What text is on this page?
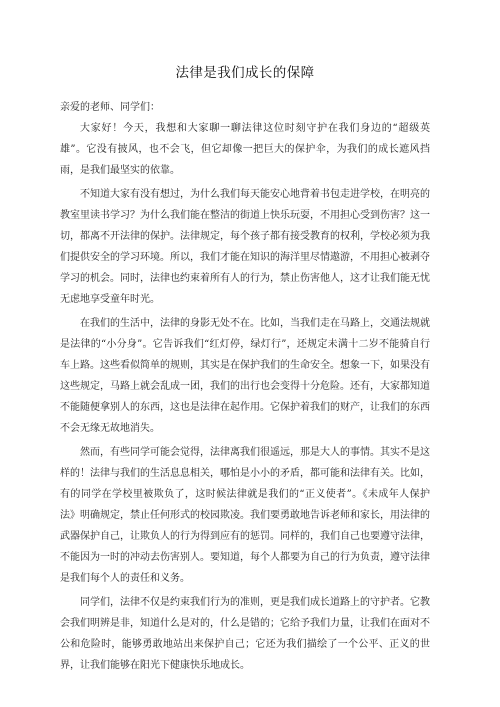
法律是我们成长的保障

亲爱的老师、同学们：

大家好！今天，我想和大家聊一聊法律这位时刻守护在我们身边的“超级英雄”。它没有披风，也不会飞，但它却像一把巨大的保护伞，为我们的成长遮风挡雨，是我们最坚实的依靠。

不知道大家有没有想过，为什么我们每天能安心地背着书包走进学校，在明亮的教室里读书学习？为什么我们能在整洁的街道上快乐玩耍，不用担心受到伤害？这一切，都离不开法律的保护。法律规定，每个孩子都有接受教育的权利，学校必须为我们提供安全的学习环境。所以，我们才能在知识的海洋里尽情遨游，不用担心被剥夺学习的机会。同时，法律也约束着所有人的行为，禁止伤害他人，这才让我们能无忧无虑地享受童年时光。

在我们的生活中，法律的身影无处不在。比如，当我们走在马路上，交通法规就是法律的“小分身”。它告诉我们“红灯停，绿灯行”，还规定未满十二岁不能骑自行车上路。这些看似简单的规则，其实是在保护我们的生命安全。想象一下，如果没有这些规定，马路上就会乱成一团，我们的出行也会变得十分危险。还有，大家都知道不能随便拿别人的东西，这也是法律在起作用。它保护着我们的财产，让我们的东西不会无缘无故地消失。

然而，有些同学可能会觉得，法律离我们很遥远，那是大人的事情。其实不是这样的！法律与我们的生活息息相关，哪怕是小小的矛盾，都可能和法律有关。比如，有的同学在学校里被欺负了，这时候法律就是我们的“正义使者”。《未成年人保护法》明确规定，禁止任何形式的校园欺凌。我们要勇敢地告诉老师和家长，用法律的武器保护自己，让欺负人的行为得到应有的惩罚。同样的，我们自己也要遵守法律，不能因为一时的冲动去伤害别人。要知道，每个人都要为自己的行为负责，遵守法律是我们每个人的责任和义务。

同学们，法律不仅是约束我们行为的准则，更是我们成长道路上的守护者。它教会我们明辨是非，知道什么是对的，什么是错的；它给予我们力量，让我们在面对不公和危险时，能够勇敢地站出来保护自己；它还为我们描绘了一个公平、正义的世界，让我们能够在阳光下健康快乐地成长。
